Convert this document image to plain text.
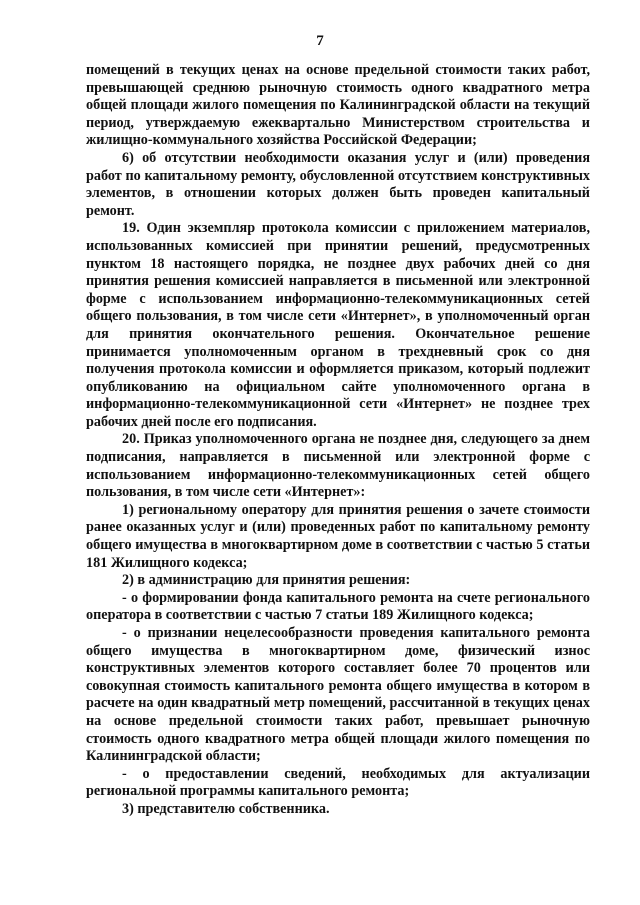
7

помещений в текущих ценах на основе предельной стоимости таких работ, превышающей среднюю рыночную стоимость одного квадратного метра общей площади жилого помещения по Калининградской области на текущий период, утверждаемую ежеквартально Министерством строительства и жилищно-коммунального хозяйства Российской Федерации;

6) об отсутствии необходимости оказания услуг и (или) проведения работ по капитальному ремонту, обусловленной отсутствием конструктивных элементов, в отношении которых должен быть проведен капитальный ремонт.

19. Один экземпляр протокола комиссии с приложением материалов, использованных комиссией при принятии решений, предусмотренных пунктом 18 настоящего порядка, не позднее двух рабочих дней со дня принятия решения комиссией направляется в письменной или электронной форме с использованием информационно-телекоммуникационных сетей общего пользования, в том числе сети «Интернет», в уполномоченный орган для принятия окончательного решения. Окончательное решение принимается уполномоченным органом в трехдневный срок со дня получения протокола комиссии и оформляется приказом, который подлежит опубликованию на официальном сайте уполномоченного органа в информационно-телекоммуникационной сети «Интернет» не позднее трех рабочих дней после его подписания.

20. Приказ уполномоченного органа не позднее дня, следующего за днем подписания, направляется в письменной или электронной форме с использованием информационно-телекоммуникационных сетей общего пользования, в том числе сети «Интернет»:

1) региональному оператору для принятия решения о зачете стоимости ранее оказанных услуг и (или) проведенных работ по капитальному ремонту общего имущества в многоквартирном доме в соответствии с частью 5 статьи 181 Жилищного кодекса;

2) в администрацию для принятия решения:

- о формировании фонда капитального ремонта на счете регионального оператора в соответствии с частью 7 статьи 189 Жилищного кодекса;

- о признании нецелесообразности проведения капитального ремонта общего имущества в многоквартирном доме, физический износ конструктивных элементов которого составляет более 70 процентов или совокупная стоимость капитального ремонта общего имущества в котором в расчете на один квадратный метр помещений, рассчитанной в текущих ценах на основе предельной стоимости таких работ, превышает рыночную стоимость одного квадратного метра общей площади жилого помещения по Калининградской области;

- о предоставлении сведений, необходимых для актуализации региональной программы капитального ремонта;

3) представителю собственника.
